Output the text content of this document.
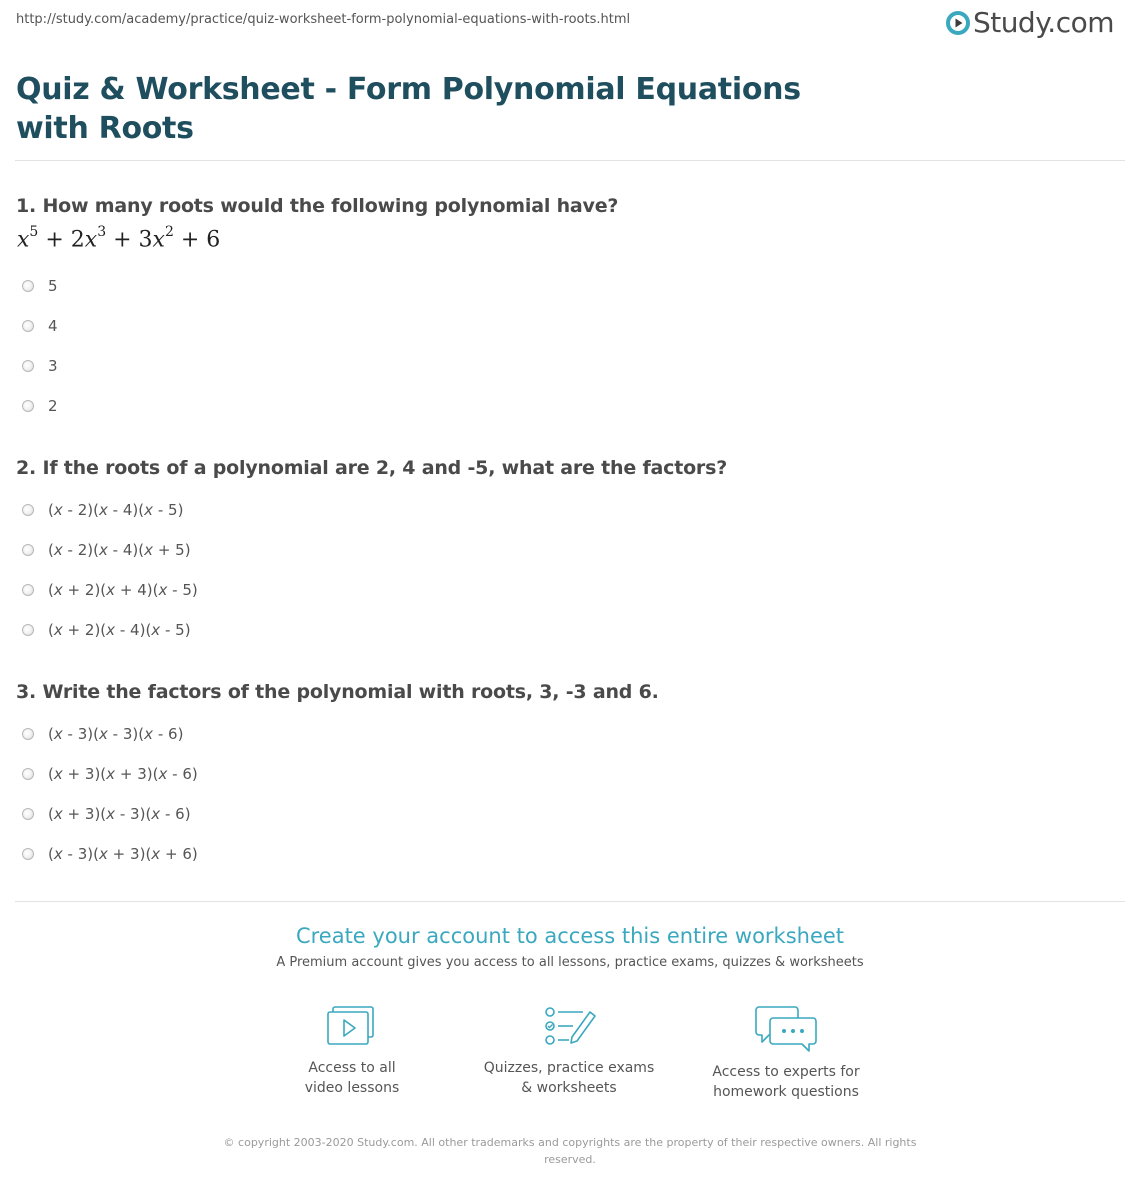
http://study.com/academy/practice/quiz-worksheet-form-polynomial-equations-with-roots.html	Study.com
Quiz & Worksheet - Form Polynomial Equations with Roots
1. How many roots would the following polynomial have?
$x^5 + 2x^3 + 3x^2 + 6$
5
4
3
2
2. If the roots of a polynomial are 2, 4 and -5, what are the factors?
(x - 2)(x - 4)(x - 5)
(x - 2)(x - 4)(x + 5)
(x + 2)(x + 4)(x - 5)
(x + 2)(x - 4)(x - 5)
3. Write the factors of the polynomial with roots, 3, -3 and 6.
(x - 3)(x - 3)(x - 6)
(x + 3)(x + 3)(x - 6)
(x + 3)(x - 3)(x - 6)
(x - 3)(x + 3)(x + 6)
Create your account to access this entire worksheet
A Premium account gives you access to all lessons, practice exams, quizzes & worksheets
Access to all
video lessons
Quizzes, practice exams
& worksheets
Access to experts for
homework questions
© copyright 2003-2020 Study.com. All other trademarks and copyrights are the property of their respective owners. All rights reserved.
